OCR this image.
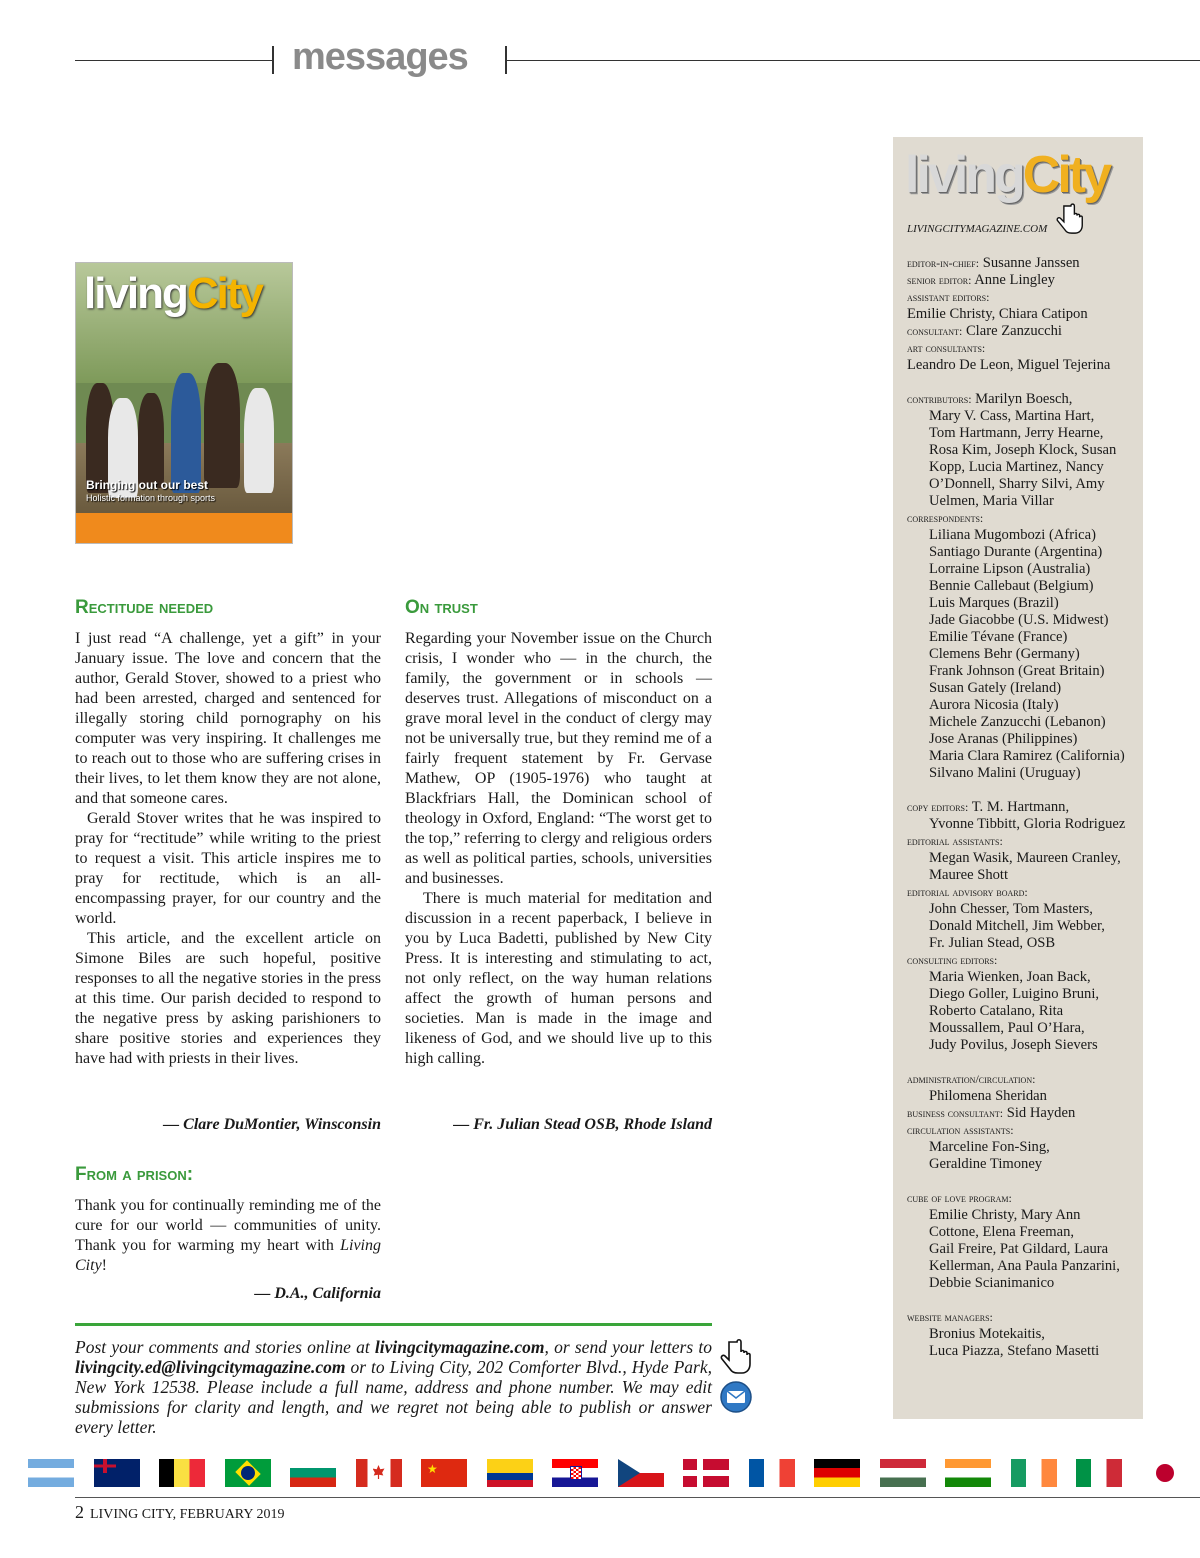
messages
livingCity
Bringing out our best
Holistic formation through sports
Rectitude needed

I just read “A challenge, yet a gift” in your January issue. The love and concern that the author, Gerald Stover, showed to a priest who had been arrested, charged and sentenced for illegally storing child pornography on his computer was very inspiring. It challenges me to reach out to those who are suffering crises in their lives, to let them know they are not alone, and that someone cares.

Gerald Stover writes that he was inspired to pray for “rectitude” while writing to the priest to request a visit. This article inspires me to pray for rectitude, which is an all-encompassing prayer, for our country and the world.

This article, and the excellent article on Simone Biles are such hopeful, positive responses to all the negative stories in the press at this time. Our parish decided to respond to the negative press by asking parishioners to share positive stories and experiences they have had with priests in their lives.

— Clare DuMontier, Winsconsin
From a prison:

Thank you for continually reminding me of the cure for our world — communities of unity. Thank you for warming my heart with Living City!

— D.A., California
On trust

Regarding your November issue on the Church crisis, I wonder who — in the church, the family, the government or in schools — deserves trust. Allegations of misconduct on a grave moral level in the conduct of clergy may not be universally true, but they remind me of a fairly frequent statement by Fr. Gervase Mathew, OP (1905-1976) who taught at Blackfriars Hall, the Dominican school of theology in Oxford, England: “The worst get to the top,” referring to clergy and religious orders as well as political parties, schools, universities and businesses.

There is much material for meditation and discussion in a recent paperback, I believe in you by Luca Badetti, published by New City Press. It is interesting and stimulating to act, not only reflect, on the way human relations affect the growth of human persons and societies. Man is made in the image and likeness of God, and we should live up to this high calling.

— Fr. Julian Stead OSB, Rhode Island
Post your comments and stories online at livingcitymagazine.com, or send your letters to livingcity.ed@livingcitymagazine.com or to Living City, 202 Comforter Blvd., Hyde Park, New York 12538. Please include a full name, address and phone number. We may edit submissions for clarity and length, and we regret not being able to publish or answer every letter.
livingCity
LIVINGCITYMAGAZINE.COM
editor-in-chief: Susanne Janssen
senior editor: Anne Lingley
assistant editors:
Emilie Christy, Chiara Catipon
consultant: Clare Zanzucchi
art consultants:
Leandro De Leon, Miguel Tejerina
contributors: Marilyn Boesch,
Mary V. Cass, Martina Hart,
Tom Hartmann, Jerry Hearne,
Rosa Kim, Joseph Klock, Susan
Kopp, Lucia Martinez, Nancy
O’Donnell, Sharry Silvi, Amy
Uelmen, Maria Villar
correspondents:
Liliana Mugombozi (Africa)
Santiago Durante (Argentina)
Lorraine Lipson (Australia)
Bennie Callebaut (Belgium)
Luis Marques (Brazil)
Jade Giacobbe (U.S. Midwest)
Emilie Tévane (France)
Clemens Behr (Germany)
Frank Johnson (Great Britain)
Susan Gately (Ireland)
Aurora Nicosia (Italy)
Michele Zanzucchi (Lebanon)
Jose Aranas (Philippines)
Maria Clara Ramirez (California)
Silvano Malini (Uruguay)
copy editors: T. M. Hartmann,
Yvonne Tibbitt, Gloria Rodriguez
editorial assistants:
Megan Wasik, Maureen Cranley,
Mauree Shott
editorial advisory board:
John Chesser, Tom Masters,
Donald Mitchell, Jim Webber,
Fr. Julian Stead, OSB
consulting editors:
Maria Wienken, Joan Back,
Diego Goller, Luigino Bruni,
Roberto Catalano, Rita
Moussallem, Paul O’Hara,
Judy Povilus, Joseph Sievers
administration/circulation:
Philomena Sheridan
business consultant: Sid Hayden
circulation assistants:
Marceline Fon-Sing,
Geraldine Timoney
cube of love program:
Emilie Christy, Mary Ann
Cottone, Elena Freeman,
Gail Freire, Pat Gildard, Laura
Kellerman, Ana Paula Panzarini,
Debbie Scianimanico
website managers:
Bronius Motekaitis,
Luca Piazza, Stefano Masetti
★
2 LIVING CITY, FEBRUARY 2019
